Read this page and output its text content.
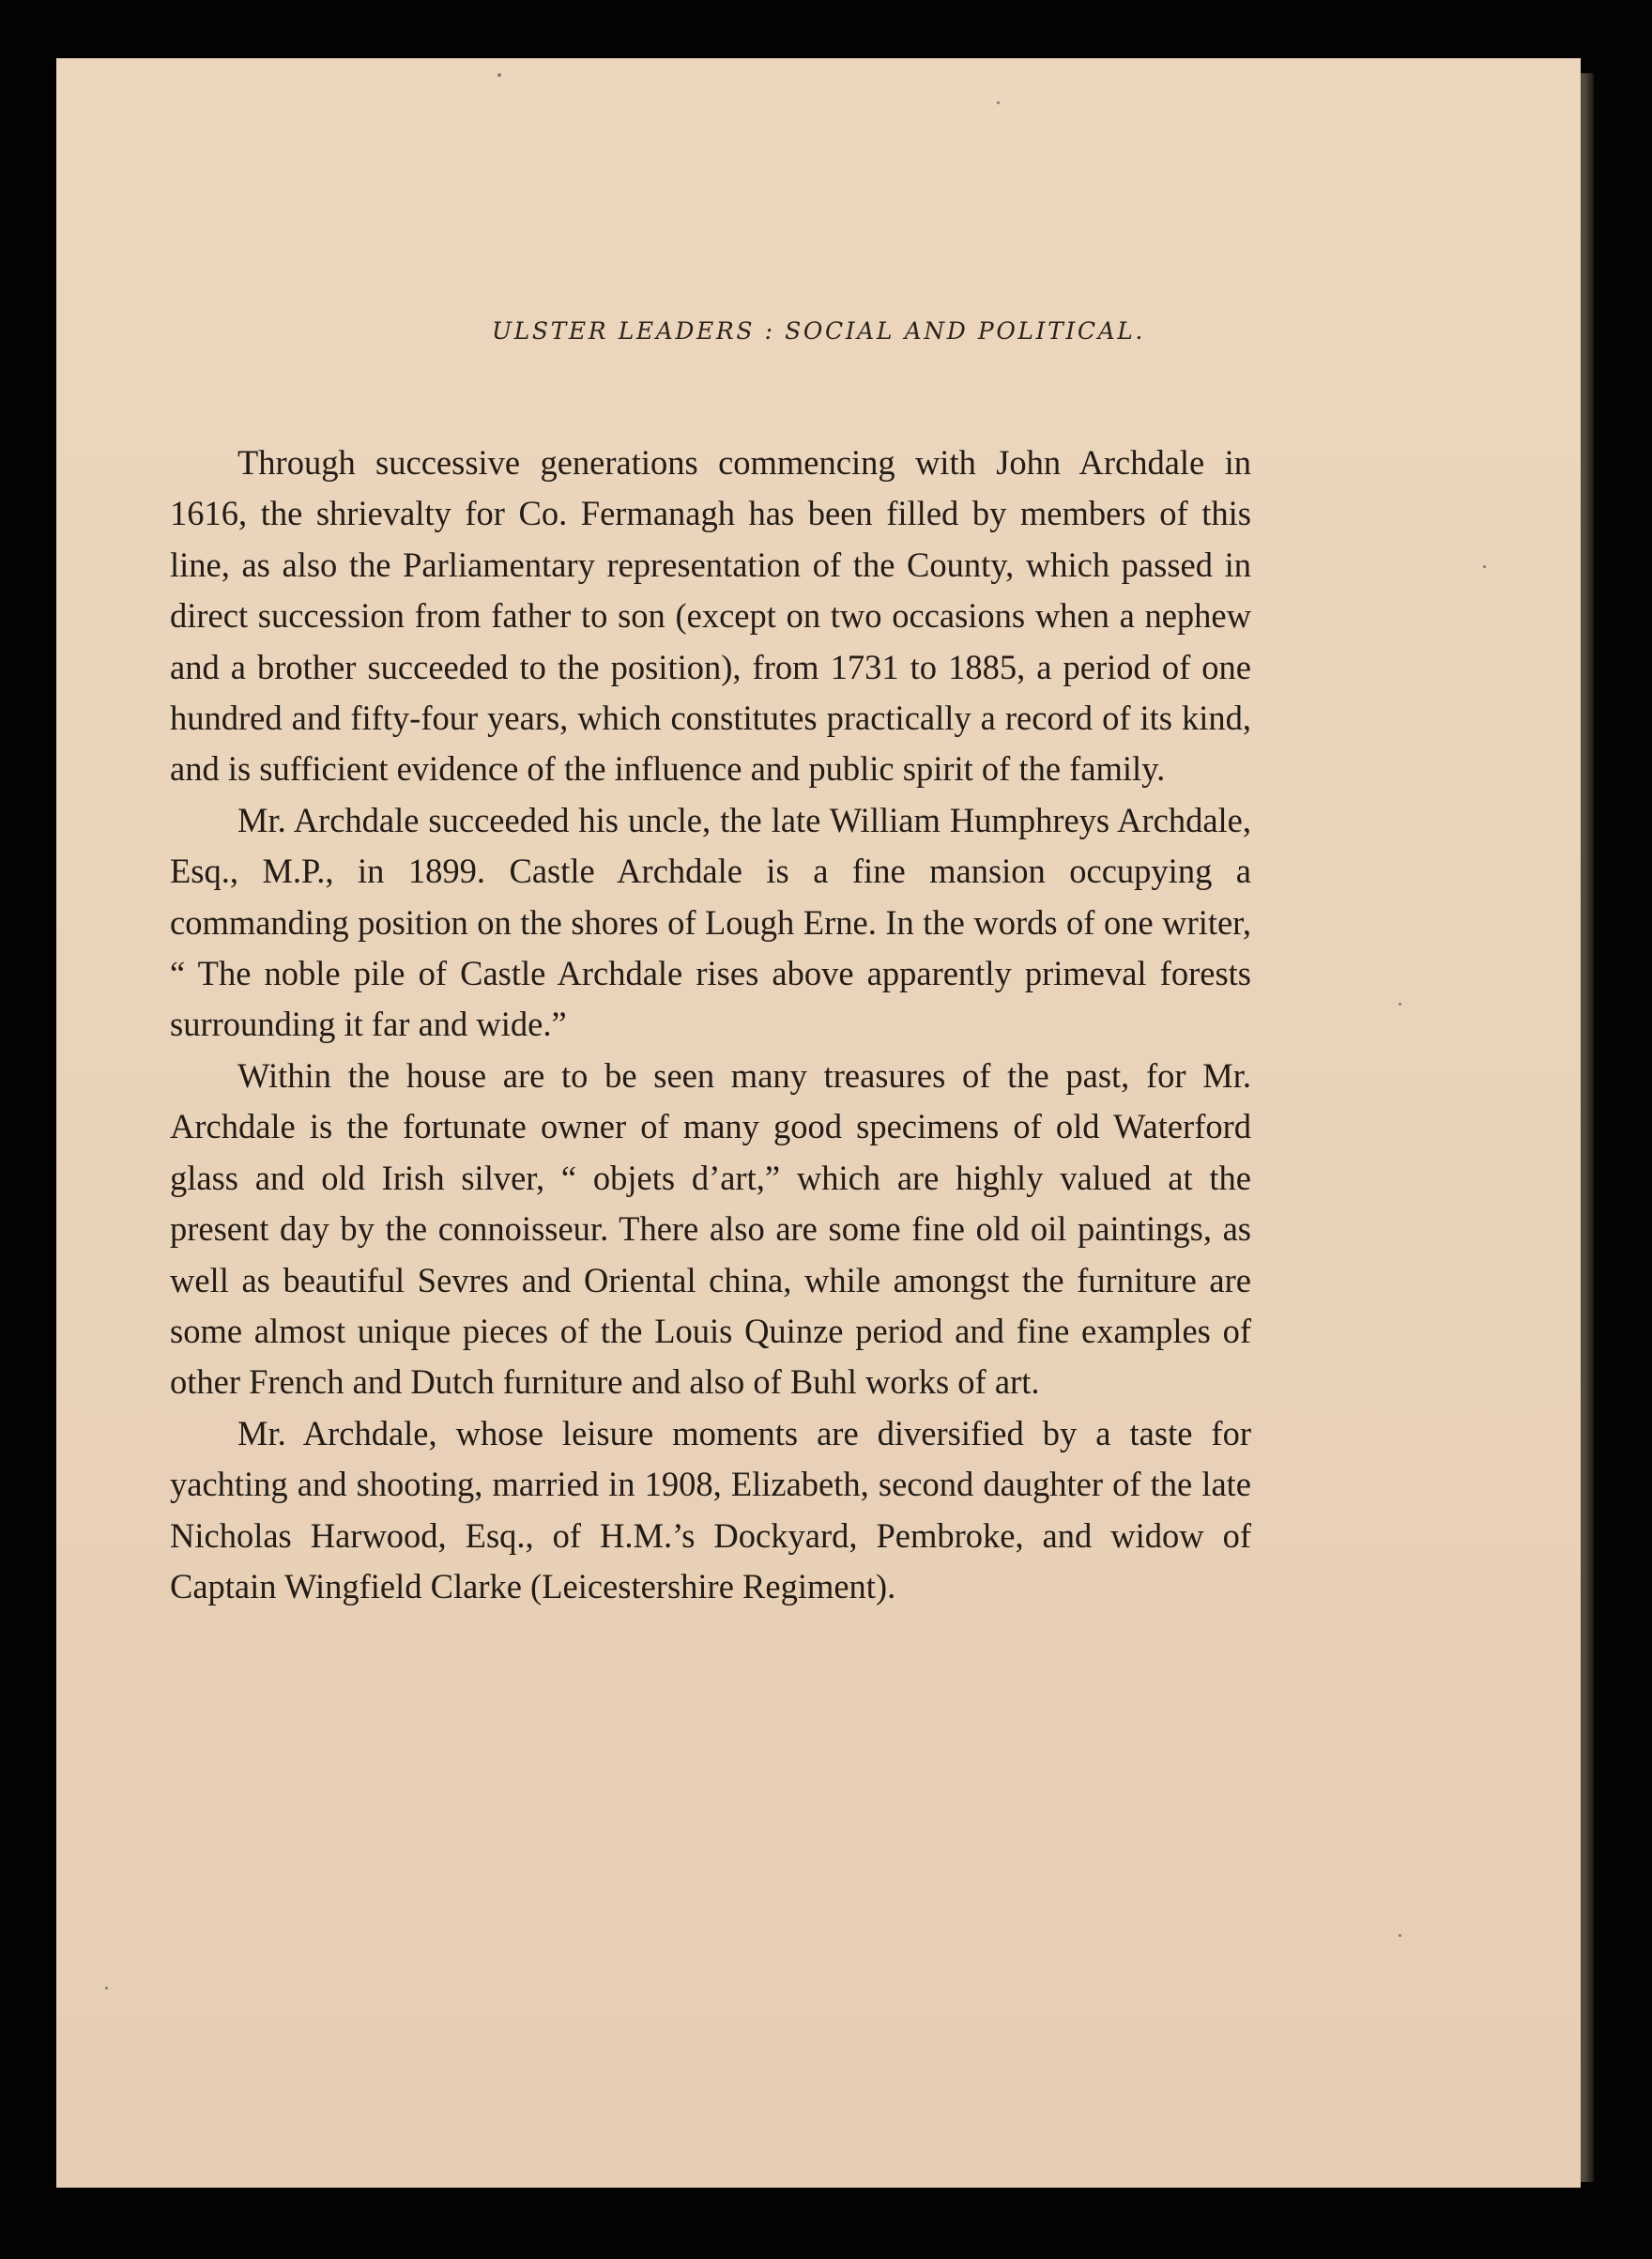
ULSTER LEADERS : SOCIAL AND POLITICAL.

Through successive generations commencing with John Archdale in 1616, the shrievalty for Co. Fermanagh has been filled by members of this line, as also the Parliamentary representation of the County, which passed in direct succession from father to son (except on two occasions when a nephew and a brother succeeded to the position), from 1731 to 1885, a period of one hundred and fifty-four years, which constitutes practically a record of its kind, and is sufficient evidence of the influence and public spirit of the family.

Mr. Archdale succeeded his uncle, the late William Humphreys Archdale, Esq., M.P., in 1899. Castle Archdale is a fine mansion occupying a commanding position on the shores of Lough Erne. In the words of one writer, “ The noble pile of Castle Archdale rises above apparently primeval forests surrounding it far and wide.”

Within the house are to be seen many treasures of the past, for Mr. Archdale is the fortunate owner of many good specimens of old Waterford glass and old Irish silver, “ objets d’art,” which are highly valued at the present day by the connoisseur. There also are some fine old oil paintings, as well as beautiful Sevres and Oriental china, while amongst the furniture are some almost unique pieces of the Louis Quinze period and fine examples of other French and Dutch furniture and also of Buhl works of art.

Mr. Archdale, whose leisure moments are diversified by a taste for yachting and shooting, married in 1908, Elizabeth, second daughter of the late Nicholas Harwood, Esq., of H.M.’s Dockyard, Pembroke, and widow of Captain Wingfield Clarke (Leicestershire Regiment).
